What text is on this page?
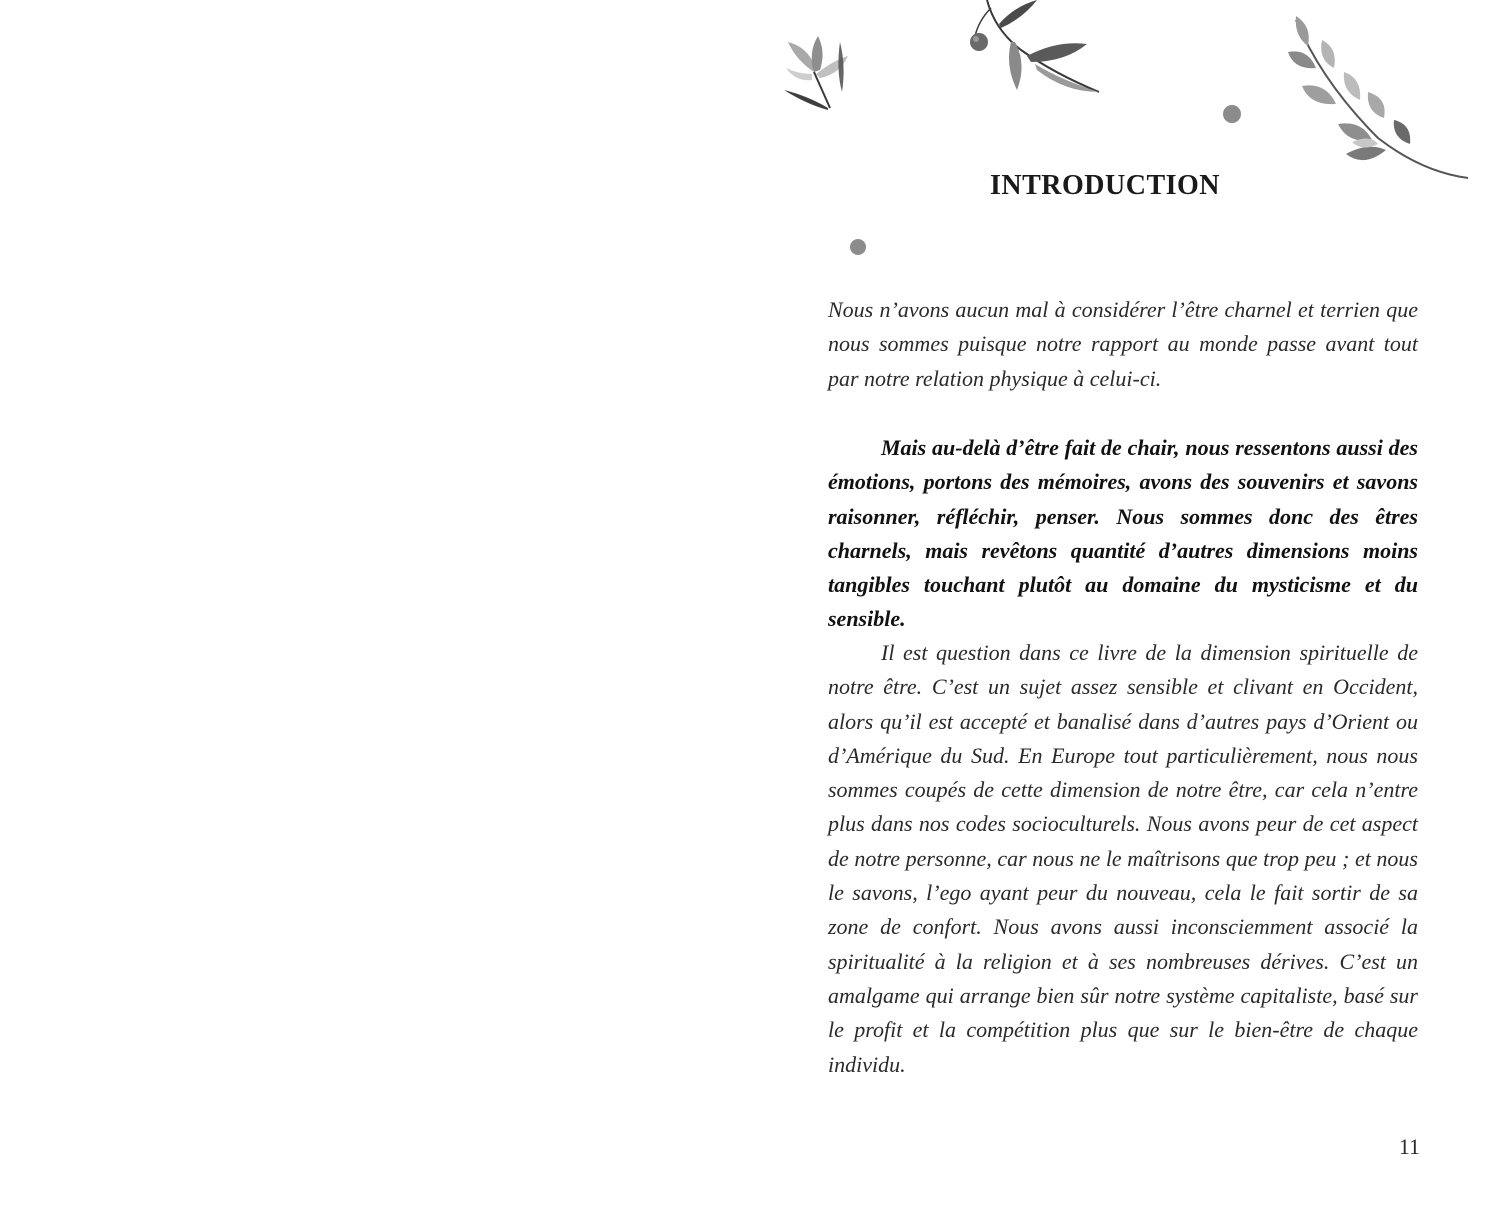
INTRODUCTION

Nous n’avons aucun mal à considérer l’être charnel et terrien que nous sommes puisque notre rapport au monde passe avant tout par notre relation physique à celui-ci.

Mais au-delà d’être fait de chair, nous ressentons aussi des émotions, portons des mémoires, avons des souvenirs et savons raisonner, réfléchir, penser. Nous sommes donc des êtres charnels, mais revêtons quantité d’autres dimensions moins tangibles touchant plutôt au domaine du mysticisme et du sensible.

Il est question dans ce livre de la dimension spirituelle de notre être. C’est un sujet assez sensible et clivant en Occident, alors qu’il est accepté et banalisé dans d’autres pays d’Orient ou d’Amérique du Sud. En Europe tout particulièrement, nous nous sommes coupés de cette dimension de notre être, car cela n’entre plus dans nos codes socioculturels. Nous avons peur de cet aspect de notre personne, car nous ne le maîtrisons que trop peu ; et nous le savons, l’ego ayant peur du nouveau, cela le fait sortir de sa zone de confort. Nous avons aussi inconsciemment associé la spiritualité à la religion et à ses nombreuses dérives. C’est un amalgame qui arrange bien sûr notre système capitaliste, basé sur le profit et la compétition plus que sur le bien-être de chaque individu.

11
